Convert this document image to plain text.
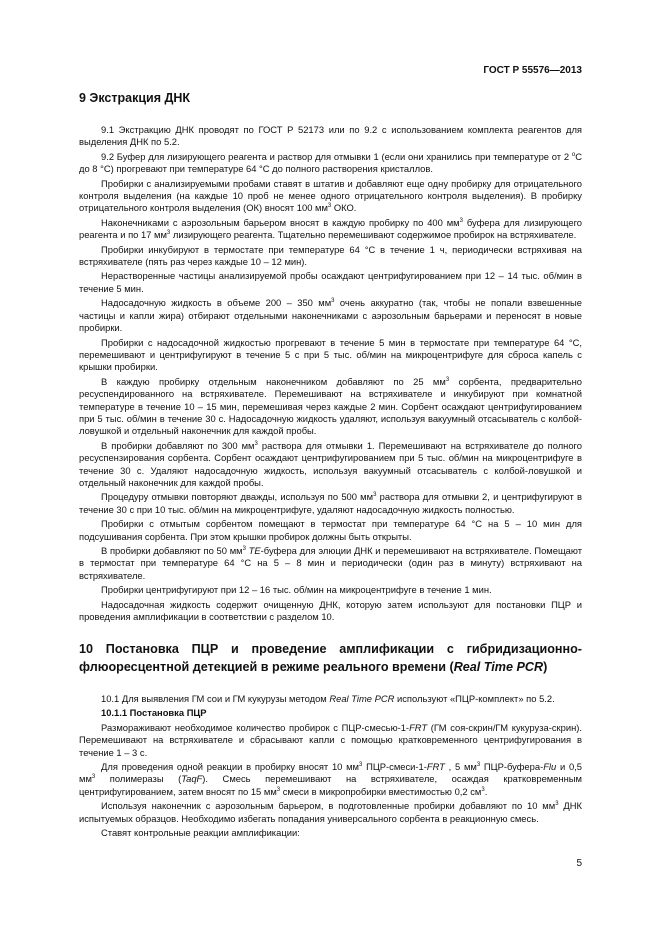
ГОСТ Р 55576—2013
9 Экстракция ДНК

9.1 Экстракцию ДНК проводят по ГОСТ Р 52173 или по 9.2 с использованием комплекта реагентов для выделения ДНК по 5.2.

9.2 Буфер для лизирующего реагента и раствор для отмывки 1 (если они хранились при температуре от 2 $^о$С до 8 °С) прогревают при температуре 64 °С до полного растворения кристаллов.

Пробирки с анализируемыми пробами ставят в штатив и добавляют еще одну пробирку для отрицательного контроля выделения (на каждые 10 проб не менее одного отрицательного контроля выделения). В пробирку отрицательного контроля выделения (ОК) вносят 100 $мм^3$ ОКО.

Наконечниками с аэрозольным барьером вносят в каждую пробирку по 400 $мм^3$ буфера для лизирующего реагента и по 17 $мм^3$ лизирующего реагента. Тщательно перемешивают содержимое пробирок на встряхивателе.

Пробирки инкубируют в термостате при температуре 64 °С в течение 1 ч, периодически встряхивая на встряхивателе (пять раз через каждые 10 – 12 мин).

Нерастворенные частицы анализируемой пробы осаждают центрифугированием при 12 – 14 тыс. об/мин в течение 5 мин.

Надосадочную жидкость в объеме 200 – 350 $мм^3$ очень аккуратно (так, чтобы не попали взвешенные частицы и капли жира) отбирают отдельными наконечниками с аэрозольным барьерами и переносят в новые пробирки.

Пробирки с надосадочной жидкостью прогревают в течение 5 мин в термостате при температуре 64 °С, перемешивают и центрифугируют в течение 5 с при 5 тыс. об/мин на микроцентрифуге для сброса капель с крышки пробирки.

В каждую пробирку отдельным наконечником добавляют по 25 $мм^3$ сорбента, предварительно ресуспендированного на встряхивателе. Перемешивают на встряхивателе и инкубируют при комнатной температуре в течение 10 – 15 мин, перемешивая через каждые 2 мин. Сорбент осаждают центрифугированием при 5 тыс. об/мин в течение 30 с. Надосадочную жидкость удаляют, используя вакуумный отсасыватель с колбой-ловушкой и отдельный наконечник для каждой пробы.

В пробирки добавляют по 300 $мм^3$ раствора для отмывки 1. Перемешивают на встряхивателе до полного ресуспензирования сорбента. Сорбент осаждают центрифугированием при 5 тыс. об/мин на микроцентрифуге в течение 30 с. Удаляют надосадочную жидкость, используя вакуумный отсасыватель с колбой-ловушкой и отдельный наконечник для каждой пробы.

Процедуру отмывки повторяют дважды, используя по 500 $мм^3$ раствора для отмывки 2, и центрифугируют в течение 30 с при 10 тыс. об/мин на микроцентрифуге, удаляют надосадочную жидкость полностью.

Пробирки с отмытым сорбентом помещают в термостат при температуре 64 °С на 5 – 10 мин для подсушивания сорбента. При этом крышки пробирок должны быть открыты.

В пробирки добавляют по 50 $мм^3$ ТЕ-буфера для элюции ДНК и перемешивают на встряхивателе. Помещают в термостат при температуре 64 °С на 5 – 8 мин и периодически (один раз в минуту) встряхивают на встряхивателе.

Пробирки центрифугируют при 12 – 16 тыс. об/мин на микроцентрифуге в течение 1 мин.

Надосадочная жидкость содержит очищенную ДНК, которую затем используют для постановки ПЦР и проведения амплификации в соответствии с разделом 10.

10 Постановка ПЦР и проведение амплификации с гибридизационно-флюоресцентной детекцией в режиме реального времени (Real Time PCR)

10.1 Для выявления ГМ сои и ГМ кукурузы методом Real Time PCR используют «ПЦР-комплект» по 5.2.

10.1.1 Постановка ПЦР

Размораживают необходимое количество пробирок с ПЦР-смесью-1-FRT (ГМ соя-скрин/ГМ кукуруза-скрин). Перемешивают на встряхивателе и сбрасывают капли с помощью кратковременного центрифугирования в течение 1 – 3 с.

Для проведения одной реакции в пробирку вносят 10 $мм^3$ ПЦР-смеси-1-FRT , 5 $мм^3$ ПЦР-буфера-Flu и 0,5 $мм^3$ полимеразы (TaqF). Смесь перемешивают на встряхивателе, осаждая кратковременным центрифугированием, затем вносят по 15 $мм^3$ смеси в микропробирки вместимостью 0,2 $см^3$.

Используя наконечник с аэрозольным барьером, в подготовленные пробирки добавляют по 10 $мм^3$ ДНК испытуемых образцов. Необходимо избегать попадания универсального сорбента в реакционную смесь.

Ставят контрольные реакции амплификации:

5
